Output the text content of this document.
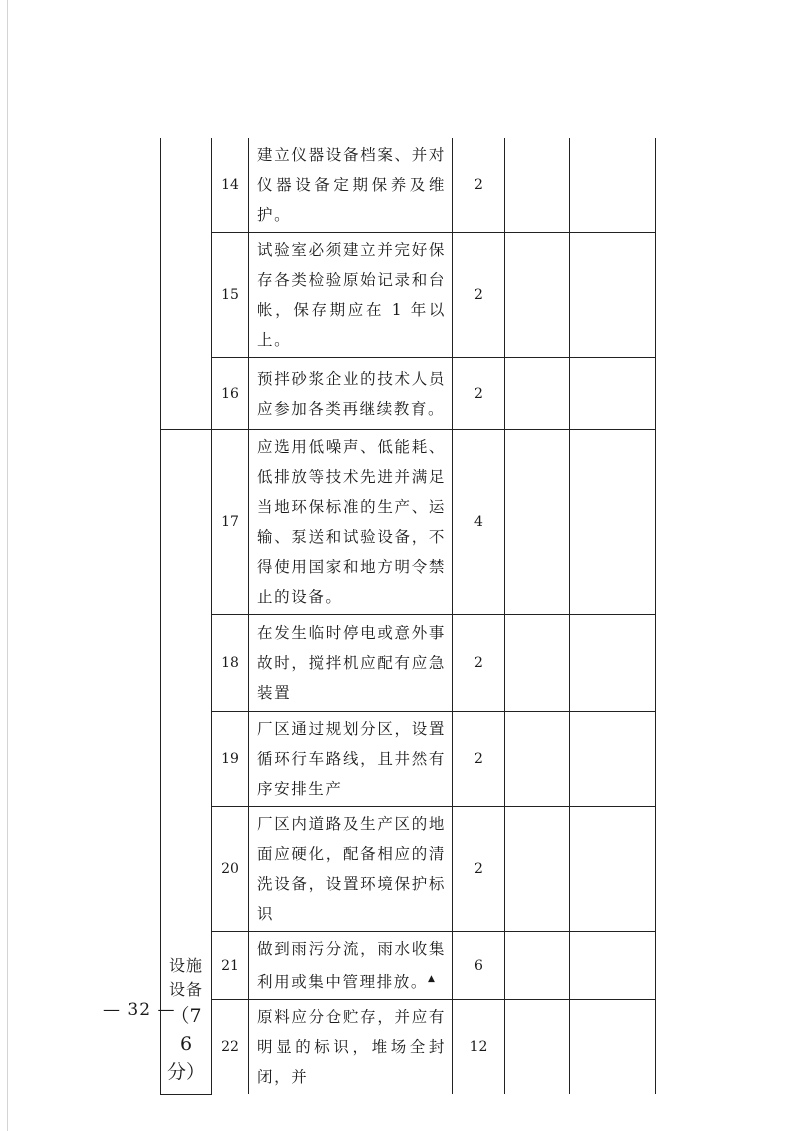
	14	建立仪器设备档案、并对仪器设备定期保养及维护。	2		
	15	试验室必须建立并完好保存各类检验原始记录和台帐，保存期应在 1 年以上。	2		
	16	预拌砂浆企业的技术人员应参加各类再继续教育。	2		

设施
设备
（7
6
分）	17	应选用低噪声、低能耗、低排放等技术先进并满足当地环保标准的生产、运输、泵送和试验设备，不得使用国家和地方明令禁止的设备。	4		
	18	在发生临时停电或意外事故时，搅拌机应配有应急装置	2		
	19	厂区通过规划分区，设置循环行车路线，且井然有序安排生产	2		
	20	厂区内道路及生产区的地面应硬化，配备相应的清洗设备，设置环境保护标识	2		
	21	做到雨污分流，雨水收集利用或集中管理排放。▲	6		
	22	原料应分仓贮存，并应有明显的标识，堆场全封闭，并	12		
— 32 —
